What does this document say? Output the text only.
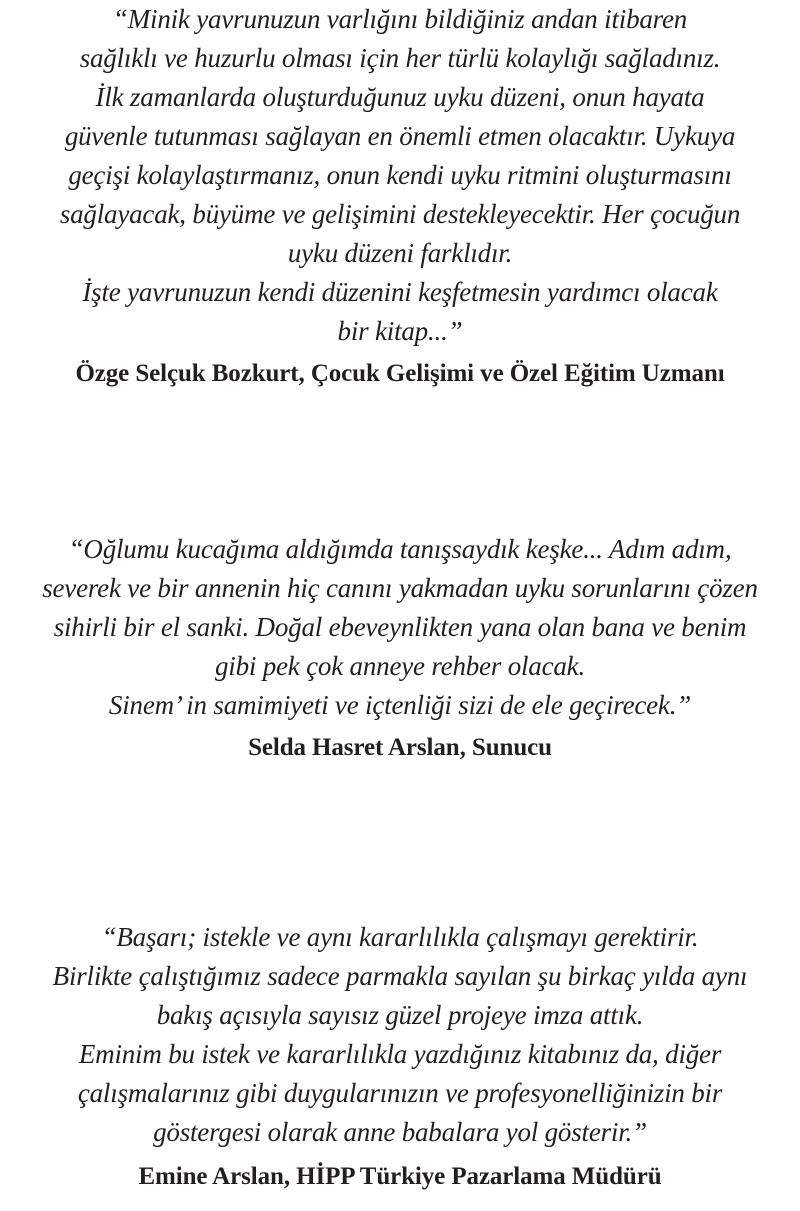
“Minik yavrunuzun varlığını bildiğiniz andan itibaren
sağlıklı ve huzurlu olması için her türlü kolaylığı sağladınız.
İlk zamanlarda oluşturduğunuz uyku düzeni, onun hayata
güvenle tutunması sağlayan en önemli etmen olacaktır. Uykuya
geçişi kolaylaştırmanız, onun kendi uyku ritmini oluşturmasını
sağlayacak, büyüme ve gelişimini destekleyecektir. Her çocuğun
uyku düzeni farklıdır.
İşte yavrunuzun kendi düzenini keşfetmesin yardımcı olacak
bir kitap...”
Özge Selçuk Bozkurt, Çocuk Gelişimi ve Özel Eğitim Uzmanı
“Oğlumu kucağıma aldığımda tanışsaydık keşke... Adım adım,
severek ve bir annenin hiç canını yakmadan uyku sorunlarını çözen
sihirli bir el sanki. Doğal ebeveynlikten yana olan bana ve benim
gibi pek çok anneye rehber olacak.
Sinem’ in samimiyeti ve içtenliği sizi de ele geçirecek.”
Selda Hasret Arslan, Sunucu
“Başarı; istekle ve aynı kararlılıkla çalışmayı gerektirir.
Birlikte çalıştığımız sadece parmakla sayılan şu birkaç yılda aynı
bakış açısıyla sayısız güzel projeye imza attık.
Eminim bu istek ve kararlılıkla yazdığınız kitabınız da, diğer
çalışmalarınız gibi duygularınızın ve profesyonelliğinizin bir
göstergesi olarak anne babalara yol gösterir.”
Emine Arslan, HİPP Türkiye Pazarlama Müdürü
